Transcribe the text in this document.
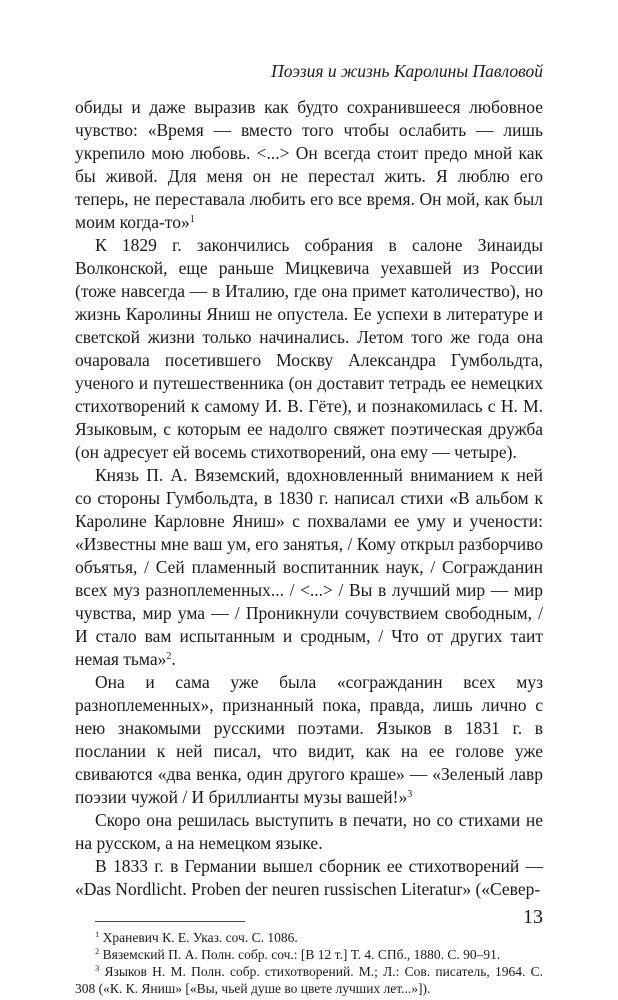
Поэзия и жизнь Каролины Павловой

обиды и даже выразив как будто сохранившееся любовное чувство: «Время — вместо того чтобы ослабить — лишь укрепило мою любовь. <...> Он всегда стоит предо мной как бы живой. Для меня он не перестал жить. Я люблю его теперь, не переставала любить его все время. Он мой, как был моим когда-то»$^1$

К 1829 г. закончились собрания в салоне Зинаиды Волконской, еще раньше Мицкевича уехавшей из России (тоже навсегда — в Италию, где она примет католичество), но жизнь Каролины Яниш не опустела. Ее успехи в литературе и светской жизни только начинались. Летом того же года она очаровала посетившего Москву Александра Гумбольдта, ученого и путешественника (он доставит тетрадь ее немецких стихотворений к самому И. В. Гёте), и познакомилась с Н. М. Языковым, с которым ее надолго свяжет поэтическая дружба (он адресует ей восемь стихотворений, она ему — четыре).

Князь П. А. Вяземский, вдохновленный вниманием к ней со стороны Гумбольдта, в 1830 г. написал стихи «В альбом к Каролине Карловне Яниш» с похвалами ее уму и учености: «Известны мне ваш ум, его занятья, / Кому открыл разборчиво объятья, / Сей пламенный воспитанник наук, / Согражданин всех муз разноплеменных... / <...> / Вы в лучший мир — мир чувства, мир ума — / Проникнули сочувствием свободным, / И стало вам испытанным и сродным, / Что от других таит немая тьма»$^2$.

Она и сама уже была «согражданин всех муз разноплеменных», признанный пока, правда, лишь лично с нею знакомыми русскими поэтами. Языков в 1831 г. в послании к ней писал, что видит, как на ее голове уже свиваются «два венка, один другого краше» — «Зеленый лавр поэзии чужой / И бриллианты музы вашей!»$^3$

Скоро она решилась выступить в печати, но со стихами не на русском, а на немецком языке.

В 1833 г. в Германии вышел сборник ее стихотворений — «Das Nordlicht. Proben der neuren russischen Literatur» («Север-

$^1$ Храневич К. Е. Указ. соч. С. 1086.

$^2$ Вяземский П. А. Полн. собр. соч.: [В 12 т.] Т. 4. СПб., 1880. С. 90–91.

$^3$ Языков Н. М. Полн. собр. стихотворений. М.; Л.: Сов. писатель, 1964. С. 308 («К. К. Яниш» [«Вы, чьей душе во цвете лучших лет...»]).

13
